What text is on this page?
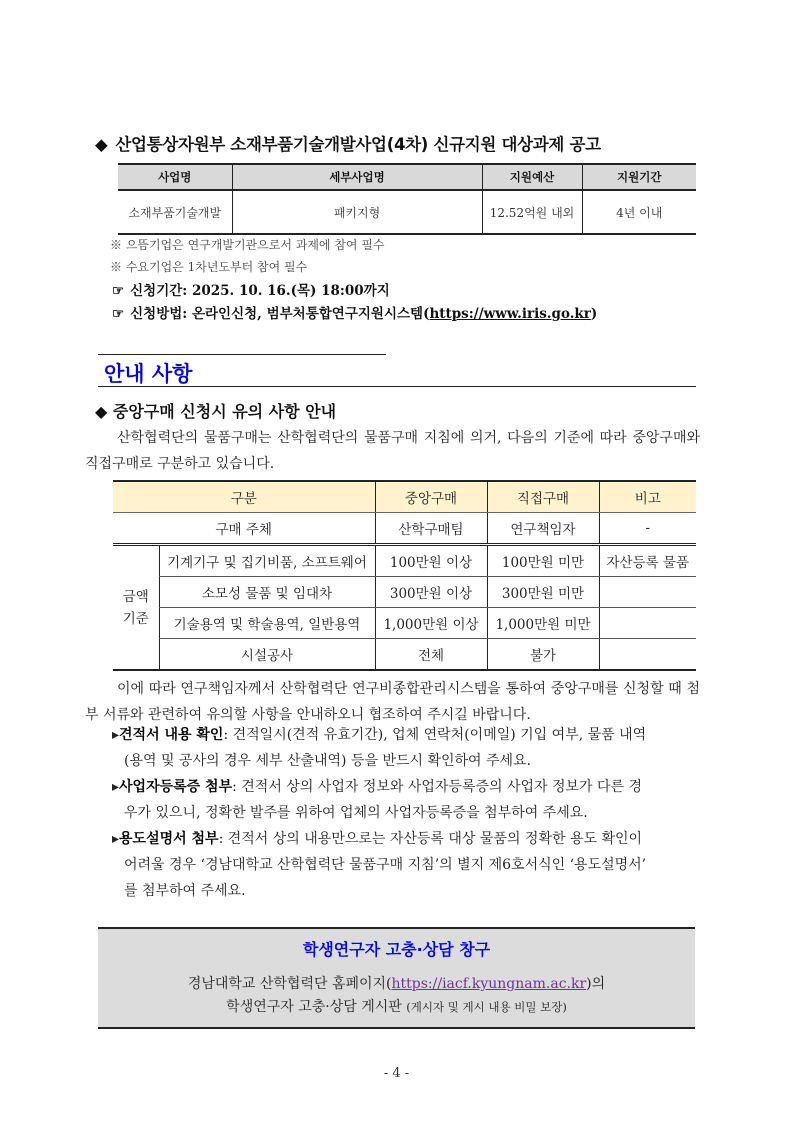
◆ 산업통상자원부 소재부품기술개발사업(4차) 신규지원 대상과제 공고
사업명	세부사업명	지원예산	지원기간
소재부품기술개발	패키지형	12.52억원 내외	4년 이내
※ 으뜸기업은 연구개발기관으로서 과제에 참여 필수
※ 수요기업은 1차년도부터 참여 필수
☞ 신청기간: 2025. 10. 16.(목) 18:00까지
☞ 신청방법: 온라인신청, 범부처통합연구지원시스템(https://www.iris.go.kr)
안내 사항
◆ 중앙구매 신청시 유의 사항 안내
산학협력단의 물품구매는 산학협력단의 물품구매 지침에 의거, 다음의 기준에 따라 중앙구매와 직접구매로 구분하고 있습니다.
구분		중앙구매	직접구매	비고
구매 주체		산학구매팀	연구책임자	-
금액
기준	기계기구 및 집기비품, 소프트웨어	100만원 이상	100만원 미만	자산등록 물품
	소모성 물품 및 임대차	300만원 이상	300만원 미만	
	기술용역 및 학술용역, 일반용역	1,000만원 이상	1,000만원 미만	
	시설공사	전체	불가	
이에 따라 연구책임자께서 산학협력단 연구비종합관리시스템을 통하여 중앙구매를 신청할 때 첨부 서류와 관련하여 유의할 사항을 안내하오니 협조하여 주시길 바랍니다.
▸견적서 내용 확인: 견적일시(견적 유효기간), 업체 연락처(이메일) 기입 여부, 물품 내역
(용역 및 공사의 경우 세부 산출내역) 등을 반드시 확인하여 주세요.
▸사업자등록증 첨부: 견적서 상의 사업자 정보와 사업자등록증의 사업자 정보가 다른 경
우가 있으니, 정확한 발주를 위하여 업체의 사업자등록증을 첨부하여 주세요.
▸용도설명서 첨부: 견적서 상의 내용만으로는 자산등록 대상 물품의 정확한 용도 확인이
어려울 경우 ‘경남대학교 산학협력단 물품구매 지침’의 별지 제6호서식인 ‘용도설명서’
를 첨부하여 주세요.
학생연구자 고충·상담 창구
경남대학교 산학협력단 홈페이지(https://iacf.kyungnam.ac.kr)의
학생연구자 고충·상담 게시판 (게시자 및 게시 내용 비밀 보장)
- 4 -
